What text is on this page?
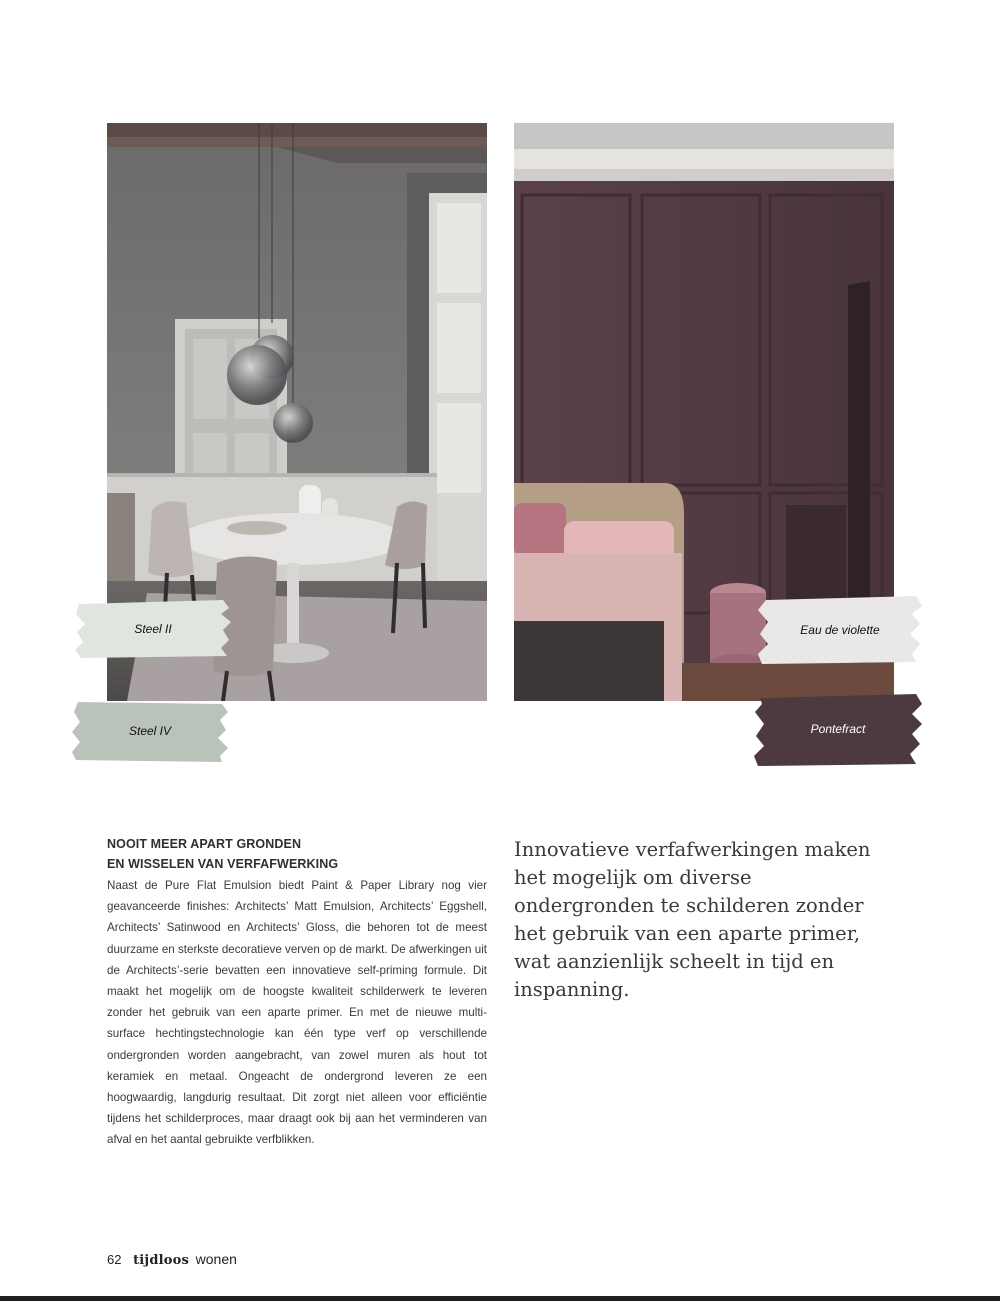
Steel II
Steel IV
Eau de violette
Pontefract
NOOIT MEER APART GRONDEN
EN WISSELEN VAN VERFAFWERKING
Naast de Pure Flat Emulsion biedt Paint & Paper Library nog vier geavanceerde finishes: Architects’ Matt Emulsion, Architects’ Eggshell, Architects’ Satinwood en Architects’ Gloss, die behoren tot de meest duurzame en sterkste decoratieve verven op de markt. De afwerkingen uit de Architects’-serie bevatten een innovatieve self-priming formule. Dit maakt het mogelijk om de hoogste kwaliteit schilderwerk te leveren zonder het gebruik van een aparte primer. En met de nieuwe multi-surface hechtingstechnologie kan één type verf op verschillende ondergronden worden aangebracht, van zowel muren als hout tot keramiek en metaal. Ongeacht de ondergrond leveren ze een hoogwaardig, langdurig resultaat. Dit zorgt niet alleen voor efficiëntie tijdens het schilderproces, maar draagt ook bij aan het verminderen van afval en het aantal gebruikte verfblikken.
Innovatieve verfafwerkingen maken het mogelijk om diverse ondergronden te schilderen zonder het gebruik van een aparte primer, wat aanzienlijk scheelt in tijd en inspanning.
62 tijdloos wonen
